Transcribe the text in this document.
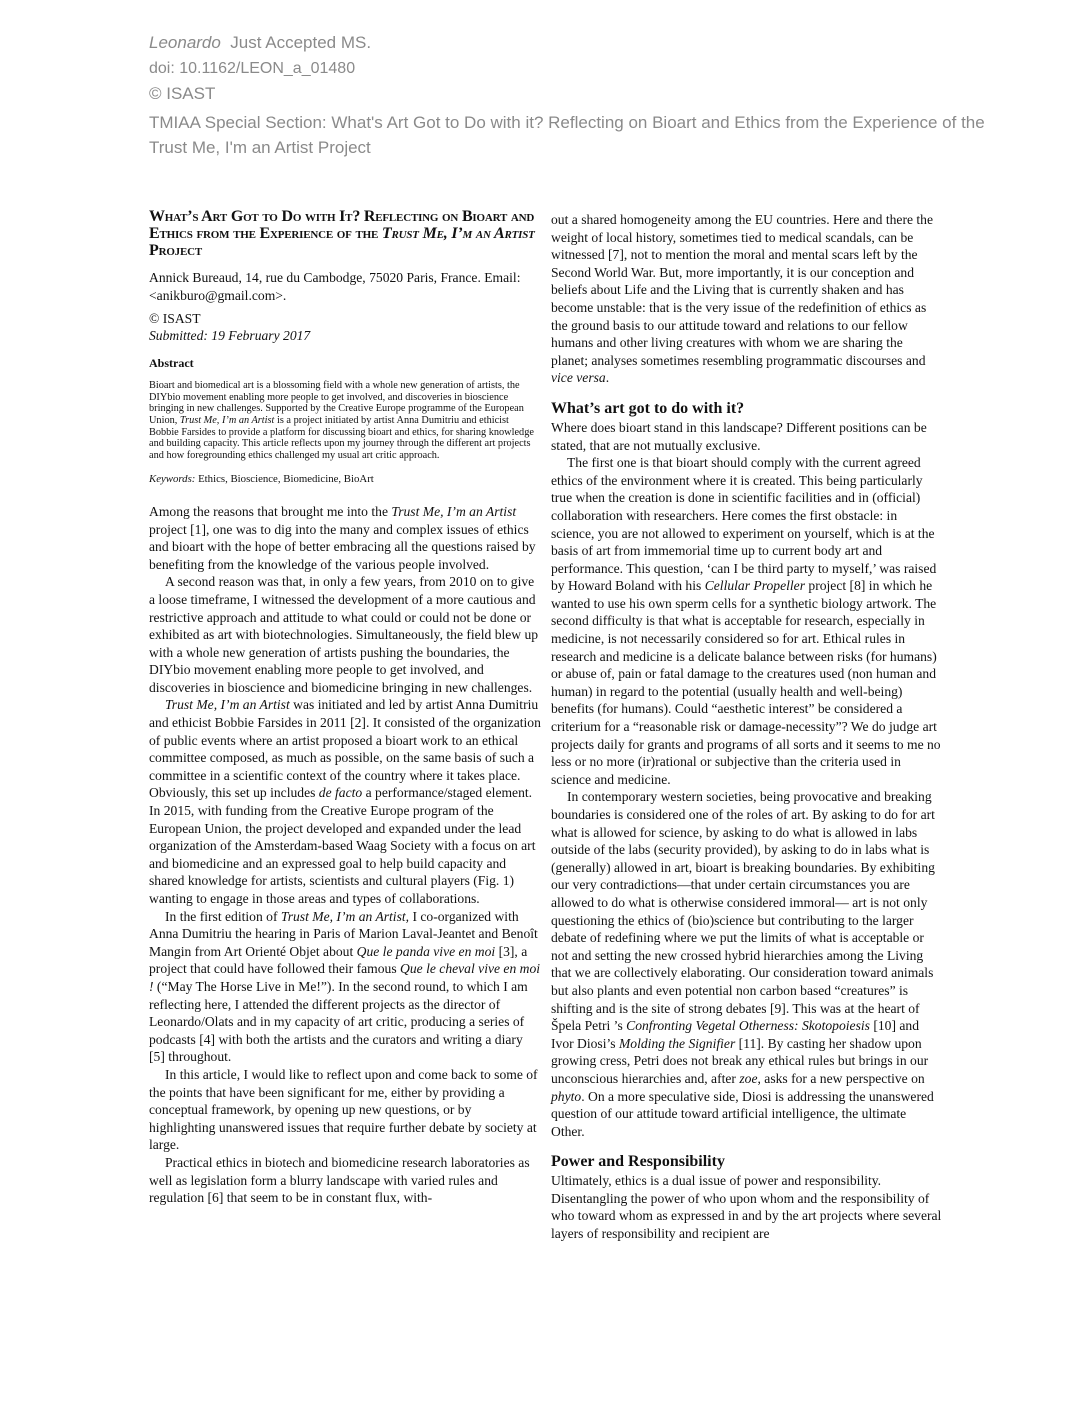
Leonardo Just Accepted MS.
doi: 10.1162/LEON_a_01480
© ISAST
TMIAA Special Section: What's Art Got to Do with it? Reflecting on Bioart and Ethics from the Experience of the Trust Me, I'm an Artist Project
What’s Art Got to Do with It? Reflecting on Bioart and Ethics from the Experience of the Trust Me, I’m an Artist Project

Annick Bureaud, 14, rue du Cambodge, 75020 Paris, France. Email: <anikburo@gmail.com>.

© ISAST

Submitted: 19 February 2017

Abstract

Bioart and biomedical art is a blossoming field with a whole new generation of artists, the DIYbio movement enabling more people to get involved, and discoveries in bioscience bringing in new challenges. Supported by the Creative Europe programme of the European Union, Trust Me, I’m an Artist is a project initiated by artist Anna Dumitriu and ethicist Bobbie Farsides to provide a platform for discussing bioart and ethics, for sharing knowledge and building capacity. This article reflects upon my journey through the different art projects and how foregrounding ethics challenged my usual art critic approach.

Keywords: Ethics, Bioscience, Biomedicine, BioArt

Among the reasons that brought me into the Trust Me, I’m an Artist project [1], one was to dig into the many and complex issues of ethics and bioart with the hope of better embracing all the questions raised by benefiting from the knowledge of the various people involved.

A second reason was that, in only a few years, from 2010 on to give a loose timeframe, I witnessed the development of a more cautious and restrictive approach and attitude to what could or could not be done or exhibited as art with biotechnologies. Simultaneously, the field blew up with a whole new generation of artists pushing the boundaries, the DIYbio movement enabling more people to get involved, and discoveries in bioscience and biomedicine bringing in new challenges.

Trust Me, I’m an Artist was initiated and led by artist Anna Dumitriu and ethicist Bobbie Farsides in 2011 [2]. It consisted of the organization of public events where an artist proposed a bioart work to an ethical committee composed, as much as possible, on the same basis of such a committee in a scientific context of the country where it takes place. Obviously, this set up includes de facto a performance/staged element. In 2015, with funding from the Creative Europe program of the European Union, the project developed and expanded under the lead organization of the Amsterdam-based Waag Society with a focus on art and biomedicine and an expressed goal to help build capacity and shared knowledge for artists, scientists and cultural players (Fig. 1) wanting to engage in those areas and types of collaborations.

In the first edition of Trust Me, I’m an Artist, I co-organized with Anna Dumitriu the hearing in Paris of Marion Laval-Jeantet and Benoît Mangin from Art Orienté Objet about Que le panda vive en moi [3], a project that could have followed their famous Que le cheval vive en moi ! (“May The Horse Live in Me!”). In the second round, to which I am reflecting here, I attended the different projects as the director of Leonardo/Olats and in my capacity of art critic, producing a series of podcasts [4] with both the artists and the curators and writing a diary [5] throughout.

In this article, I would like to reflect upon and come back to some of the points that have been significant for me, either by providing a conceptual framework, by opening up new questions, or by highlighting unanswered issues that require further debate by society at large.

Practical ethics in biotech and biomedicine research laboratories as well as legislation form a blurry landscape with varied rules and regulation [6] that seem to be in constant flux, with-

out a shared homogeneity among the EU countries. Here and there the weight of local history, sometimes tied to medical scandals, can be witnessed [7], not to mention the moral and mental scars left by the Second World War. But, more importantly, it is our conception and beliefs about Life and the Living that is currently shaken and has become unstable: that is the very issue of the redefinition of ethics as the ground basis to our attitude toward and relations to our fellow humans and other living creatures with whom we are sharing the planet; analyses sometimes resembling programmatic discourses and vice versa.

What’s art got to do with it?

Where does bioart stand in this landscape? Different positions can be stated, that are not mutually exclusive.

The first one is that bioart should comply with the current agreed ethics of the environment where it is created. This being particularly true when the creation is done in scientific facilities and in (official) collaboration with researchers. Here comes the first obstacle: in science, you are not allowed to experiment on yourself, which is at the basis of art from immemorial time up to current body art and performance. This question, ‘can I be third party to myself,’ was raised by Howard Boland with his Cellular Propeller project [8] in which he wanted to use his own sperm cells for a synthetic biology artwork. The second difficulty is that what is acceptable for research, especially in medicine, is not necessarily considered so for art. Ethical rules in research and medicine is a delicate balance between risks (for humans) or abuse of, pain or fatal damage to the creatures used (non human and human) in regard to the potential (usually health and well-being) benefits (for humans). Could “aesthetic interest” be considered a criterium for a “reasonable risk or damage-necessity”? We do judge art projects daily for grants and programs of all sorts and it seems to me no less or no more (ir)rational or subjective than the criteria used in science and medicine.

In contemporary western societies, being provocative and breaking boundaries is considered one of the roles of art. By asking to do for art what is allowed for science, by asking to do what is allowed in labs outside of the labs (security provided), by asking to do in labs what is (generally) allowed in art, bioart is breaking boundaries. By exhibiting our very contradictions—that under certain circumstances you are allowed to do what is otherwise considered immoral— art is not only questioning the ethics of (bio)science but contributing to the larger debate of redefining where we put the limits of what is acceptable or not and setting the new crossed hybrid hierarchies among the Living that we are collectively elaborating. Our consideration toward animals but also plants and even potential non carbon based “creatures” is shifting and is the site of strong debates [9]. This was at the heart of Špela Petri ’s Confronting Vegetal Otherness: Skotopoiesis [10] and Ivor Diosi’s Molding the Signifier [11]. By casting her shadow upon growing cress, Petri does not break any ethical rules but brings in our unconscious hierarchies and, after zoe, asks for a new perspective on phyto. On a more speculative side, Diosi is addressing the unanswered question of our attitude toward artificial intelligence, the ultimate Other.

Power and Responsibility

Ultimately, ethics is a dual issue of power and responsibility. Disentangling the power of who upon whom and the responsibility of who toward whom as expressed in and by the art projects where several layers of responsibility and recipient are
